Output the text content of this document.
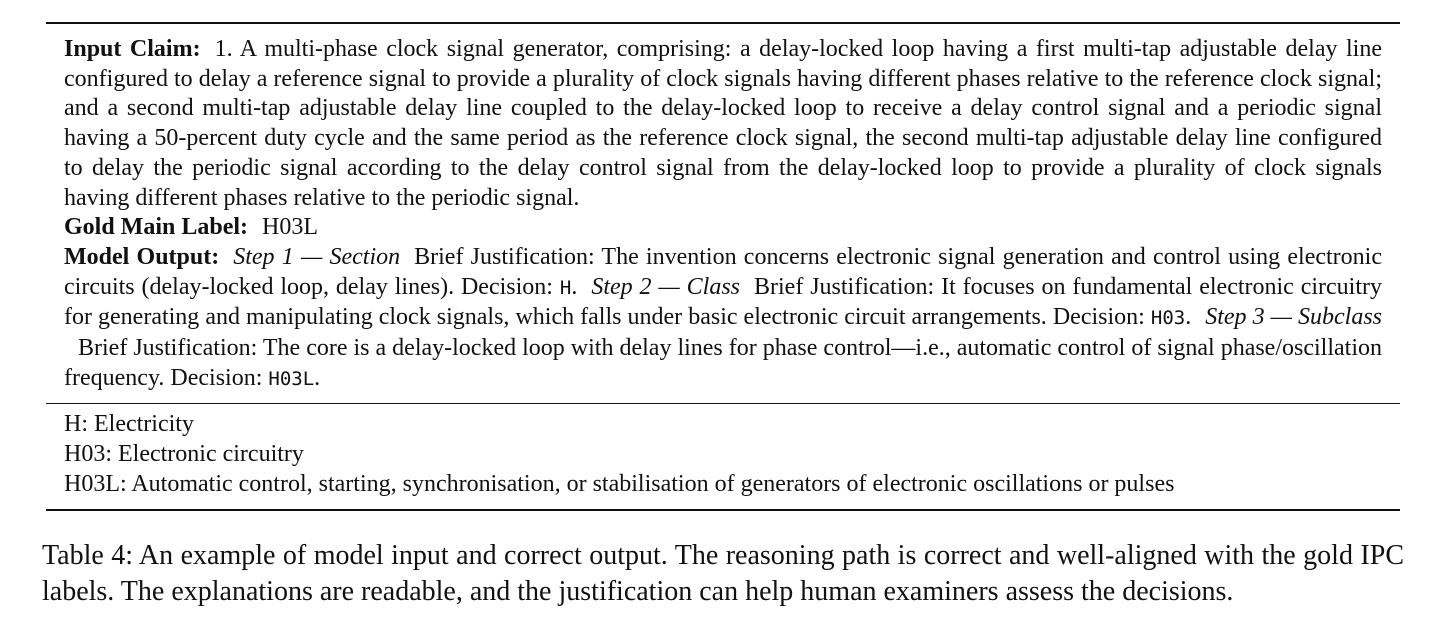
Input Claim: 1. A multi-phase clock signal generator, comprising: a delay-locked loop having a first multi-tap adjustable delay line configured to delay a reference signal to provide a plurality of clock signals having different phases relative to the reference clock signal; and a second multi-tap adjustable delay line coupled to the delay-locked loop to receive a delay control signal and a periodic signal having a 50-percent duty cycle and the same period as the reference clock signal, the second multi-tap adjustable delay line configured to delay the periodic signal according to the delay control signal from the delay-locked loop to provide a plurality of clock signals having different phases relative to the periodic signal.

Gold Main Label: H03L

Model Output: Step 1 — Section Brief Justification: The invention concerns electronic signal generation and control using electronic circuits (delay-locked loop, delay lines). Decision: H. Step 2 — Class Brief Justification: It focuses on fundamental electronic circuitry for generating and manipulating clock signals, which falls under basic electronic circuit arrangements. Decision: H03. Step 3 — SubclassBrief Justification: The core is a delay-locked loop with delay lines for phase control—i.e., automatic control of signal phase/oscillation frequency. Decision: H03L.

H: Electricity

H03: Electronic circuitry

H03L: Automatic control, starting, synchronisation, or stabilisation of generators of electronic oscillations or pulses

Table 4: An example of model input and correct output. The reasoning path is correct and well-aligned with the gold IPC labels. The explanations are readable, and the justification can help human examiners assess the decisions.
